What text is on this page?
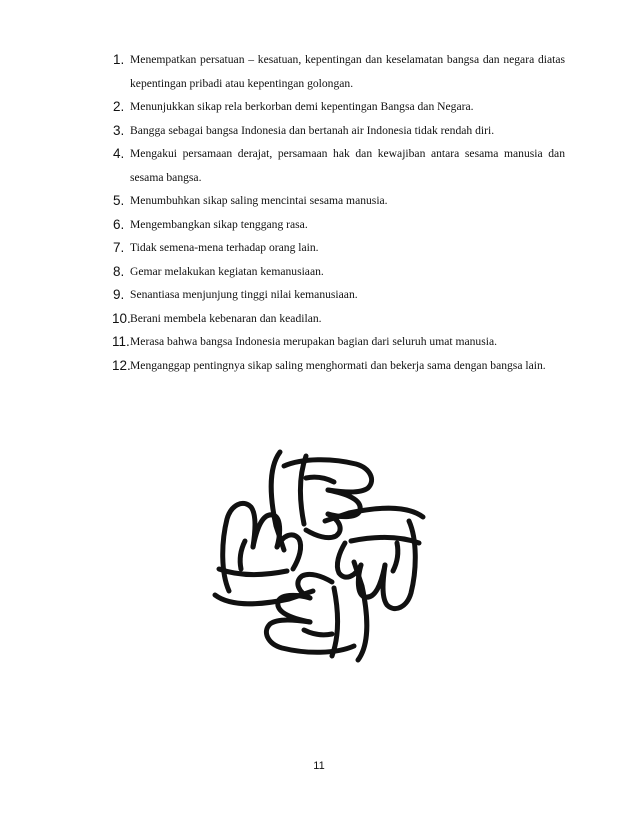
1. Menempatkan persatuan – kesatuan, kepentingan dan keselamatan bangsa dan negara diatas kepentingan pribadi atau kepentingan golongan.
2. Menunjukkan sikap rela berkorban demi kepentingan Bangsa dan Negara.
3. Bangga sebagai bangsa Indonesia dan bertanah air Indonesia tidak rendah diri.
4. Mengakui persamaan derajat, persamaan hak dan kewajiban antara sesama manusia dan sesama bangsa.
5. Menumbuhkan sikap saling mencintai sesama manusia.
6. Mengembangkan sikap tenggang rasa.
7. Tidak semena-mena terhadap orang lain.
8. Gemar melakukan kegiatan kemanusiaan.
9. Senantiasa menjunjung tinggi nilai kemanusiaan.
10. Berani membela kebenaran dan keadilan.
11. Merasa bahwa bangsa Indonesia merupakan bagian dari seluruh umat manusia.
12. Menganggap pentingnya sikap saling menghormati dan bekerja sama dengan bangsa lain.
11
